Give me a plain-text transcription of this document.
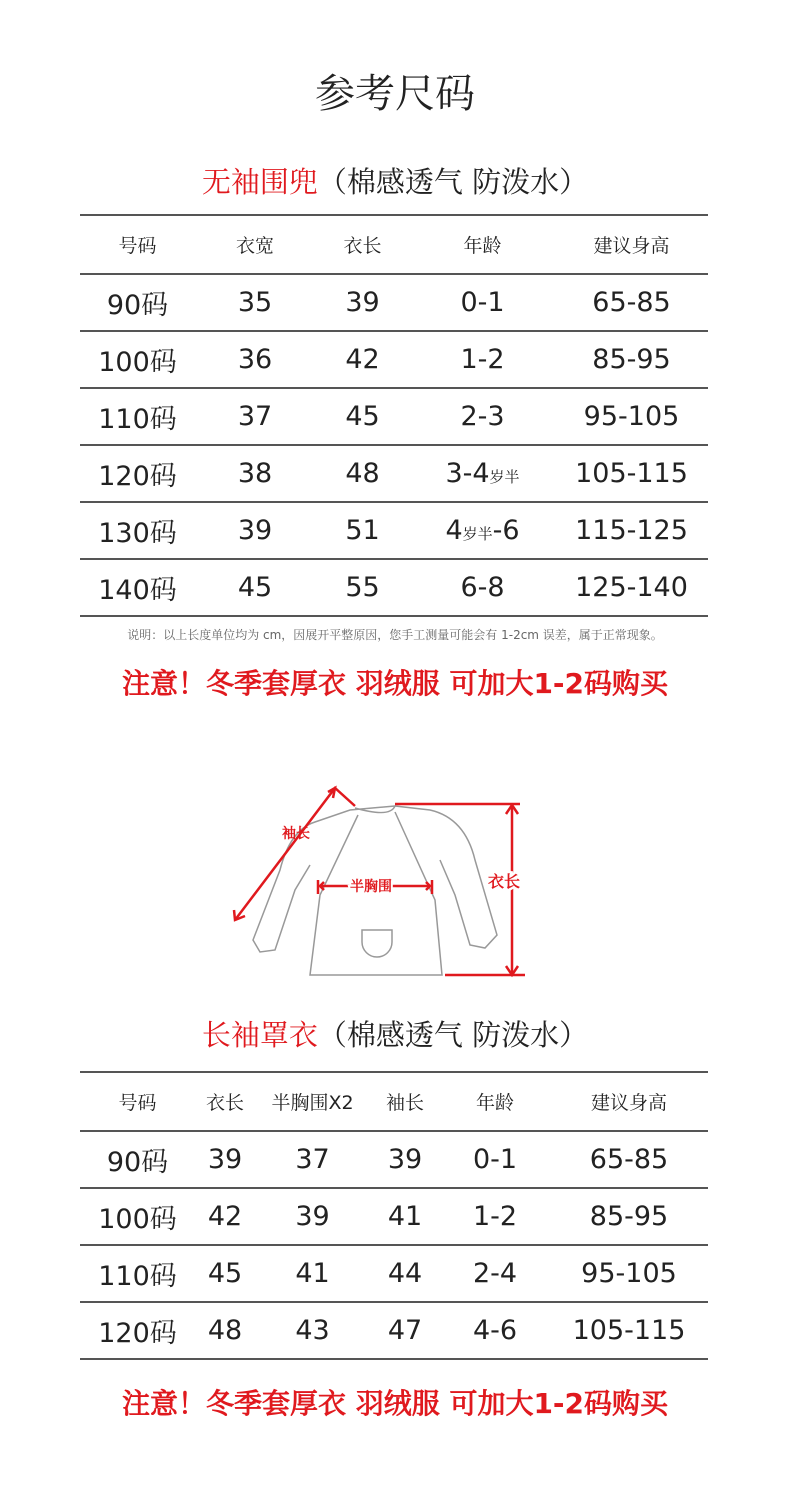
参考尺码
无袖围兜（棉感透气 防泼水）
号码	衣宽	衣长	年龄	建议身高
90码	35	39	0-1	65-85
100码	36	42	1-2	85-95
110码	37	45	2-3	95-105
120码	38	48	3-4岁半	105-115
130码	39	51	4岁半-6	115-125
140码	45	55	6-8	125-140
说明：以上长度单位均为 cm，因展开平整原因，您手工测量可能会有 1-2cm 误差，属于正常现象。
注意！冬季套厚衣 羽绒服 可加大1-2码购买
袖长
半胸围	衣长
长袖罩衣（棉感透气 防泼水）
号码	衣长	半胸围X2	袖长	年龄	建议身高
90码	39	37	39	0-1	65-85
100码	42	39	41	1-2	85-95
110码	45	41	44	2-4	95-105
120码	48	43	47	4-6	105-115
注意！冬季套厚衣 羽绒服 可加大1-2码购买
